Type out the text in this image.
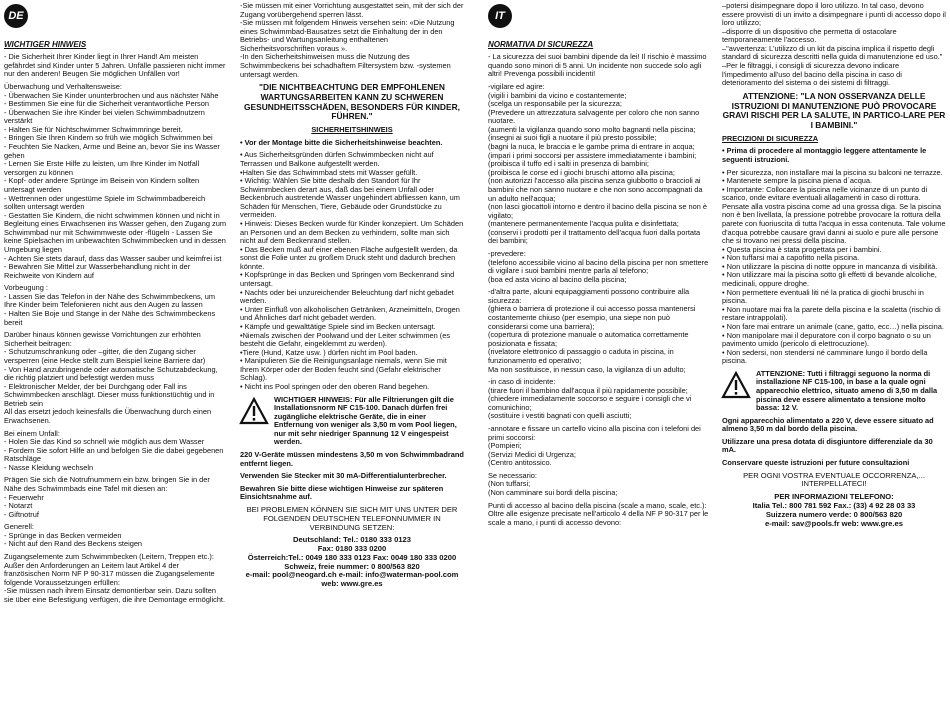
DE	IT

WICHTIGER HINWEIS

- Die Sicherheit Ihrer Kinder liegt in Ihrer Hand! Am meisten gefährdet sind Kinder unter 5 Jahren. Unfälle passieren nicht immer nur den anderen! Beugen Sie möglichen Unfällen vor!

Überwachung und Verhaltensweise:
- Überwachen Sie Kinder ununterbrochen und aus nächster Nähe
- Bestimmen Sie eine für die Sicherheit verantwortliche Person
- Überwachen Sie ihre Kinder bei vielen Schwimmbadnutzern verstärkt
- Halten Sie für Nichtschwimmer Schwimmringe bereit.
- Bringen Sie Ihren Kindern so früh wie möglich Schwimmen bei
- Feuchten Sie Nacken, Arme und Beine an, bevor Sie ins Wasser gehen
- Lernen Sie Erste Hilfe zu leisten, um Ihre Kinder im Notfall versorgen zu können
- Kopf- oder andere Sprünge im Beisein von Kindern sollten untersagt werden
- Wettrennen oder ungestüme Spiele im Schwimmbadbereich sollten untersagt werden
- Gestatten Sie Kindern, die nicht schwimmen können und nicht in Begleitung eines Erwachsenen ins Wasser gehen, den Zugang zum Schwimmbad nur mit Schwimmweste oder -flügeln - Lassen Sie keine Spielsachen im unbewachten Schwimmbecken und in dessen Umgebung liegen
- Achten Sie stets darauf, dass das Wasser sauber und keimfrei ist
- Bewahren Sie Mittel zur Wasserbehandlung nicht in der Reichweite von Kindern auf

Vorbeugung :
- Lassen Sie das Telefon in der Nähe des Schwimmbeckens, um Ihre Kinder beim Telefonieren nicht aus den Augen zu lassen
- Halten Sie Boje und Stange in der Nähe des Schwimmbeckens bereit

Darüber hinaus können gewisse Vorrichtungen zur erhöhten Sicherheit beitragen:
- Schutzumschrankung oder –gitter, die den Zugang sicher versperren (eine Hecke stellt zum Beispiel keine Barriere dar)
- Von Hand anzubringende oder automatische Schutzabdeckung, die richtig platziert und befestigt werden muss
- Elektronischer Melder, der bei Durchgang oder Fall ins Schwimmbecken anschlägt. Dieser muss funktionstüchtig und in Betrieb sein
All das ersetzt jedoch keinesfalls die Überwachung durch einen Erwachsenen.

Bei einem Unfall:
- Holen Sie das Kind so schnell wie möglich aus dem Wasser
- Fordern Sie sofort Hilfe an und befolgen Sie die dabei gegebenen Ratschläge
- Nasse Kleidung wechseln

Prägen Sie sich die Notrufnummern ein bzw. bringen Sie in der Nähe des Schwimmbads eine Tafel mit diesen an:
- Feuerwehr
- Notarzt
- Giftnotruf

Generell:
- Sprünge in das Becken vermeiden
- Nicht auf den Rand des Beckens steigen

Zugangselemente zum Schwimmbecken (Leitern, Treppen etc.):
Außer den Anforderungen an Leitern laut Artikel 4 der französischen Norm NF P 90-317 müssen die Zugangselemente folgende Voraussetzungen erfüllen:
-Sie müssen nach ihrem Einsatz demontierbar sein. Dazu sollten sie über eine Befestigung verfügen, die ihre Demontage ermöglicht.

-Sie müssen mit einer Vorrichtung ausgestattet sein, mit der sich der Zugang vorübergehend sperren lässt.
-Sie müssen mit folgendem Hinweis versehen sein: «Die Nutzung eines Schwimmbad-Bausatzes setzt die Einhaltung der in den Betriebs- und Wartungsanleitung enthaltenen Sicherheitsvorschriften voraus ».
-In den Sicherheitshinweisen muss die Nutzung des Schwimmbeckens bei schadhaftem Filtersystem bzw. -systemen untersagt werden.

"DIE NICHTBEACHTUNG DER EMPFOHLENEN WARTUNGSARBEITEN KANN ZU SCHWEREN GESUNDHEITSSCHÄDEN, BESONDERS FÜR KINDER, FÜHREN."

SICHERHEITSHINWEIS

• Vor der Montage bitte die Sicherheitshinweise beachten.

• Aus Sicherheitsgründen dürfen Schwimmbecken nicht auf Terrassen und Balkone aufgestellt werden.
•Halten Sie das Schwimmbad stets mit Wasser gefüllt.
• Wichtig: Wählen Sie bitte deshalb den Standort für Ihr Schwimmbecken derart aus, daß das bei einem Unfall oder Beckenbruch austretende Wasser ungehindert abfliessen kann, um Schäden für Menschen, Tiere, Gebäude oder Grundstücke zu vermeiden.
• Hinweis: Dieses Becken wurde für Kinder konzepiert. Um Schäden an Personen und an dem Becken zu verhindern, sollte man sich nicht auf dem Beckenrand stellen.
• Das Becken muß auf einer ebenen Fläche aufgestellt werden, da sonst die Folie unter zu großem Druck steht und dadurch brechen könnte.
• Kopfsprünge in das Becken und Springen vom Beckenrand sind untersagt.
• Nachts oder bei unzureichender Beleuchtung darf nicht gebadet werden.
• Unter Einfluß von alkoholischen Getränken, Arzneimitteln, Drogen und Ähnliches darf nicht gebadet werden.
• Kämpfe und gewalttätige Spiele sind im Becken untersagt.
•Niemals zwischen der Poolwand und der Leiter schwimmen (es besteht die Gefahr, eingeklemmt zu werden).
•Tiere (Hund, Katze usw. ) dürfen nicht im Pool baden.
• Manipulieren Sie die Reinigungsanlage niemals, wenn Sie mit Ihrem Körper oder der Boden feucht sind (Gefahr elektrischer Schlag).
• Nicht ins Pool springen oder den oberen Rand begehen.

WICHTIGER HINWEIS: Für alle Filtrierungen gilt die Installationsnorm NF C15-100. Danach dürfen frei zugängliche elektrische Geräte, die in einer Entfernung von weniger als 3,50 m vom Pool liegen, nur mit sehr niedriger Spannung 12 V eingespeist werden.

220 V-Geräte müssen mindestens 3,50 m von Schwimmbadrand entfernt liegen.

Verwenden Sie Stecker mit 30 mA-Differentialunterbrecher.

Bewahren Sie bitte diese wichtigen Hinweise zur späteren Einsichtsnahme auf.

BEI PROBLEMEN KÖNNEN SIE SICH MIT UNS UNTER DER FOLGENDEN DEUTSCHEN TELEFONNUMMER IN VERBINDUNG SETZEN:

Deutschland: Tel.: 0180 333 0123
Fax: 0180 333 0200
Österreich:Tel.: 0049 180 333 0123 Fax: 0049 180 333 0200
Schweiz, freie nummer: 0 800/563 820
e-mail: pool@neogard.ch e-mail: info@waterman-pool.com
web: www.gre.es

NORMATIVA DI SICUREZZA

- La sicurezza dei suoi bambini dipende da lei! Il rischio è massimo quando sono minori di 5 anni. Un incidente non succede solo agli altri! Prevenga possibili incidenti!

-vigilare ed agire:
(vigili i bambini da vicino e costantemente;
(scelga un responsabile per la sicurezza;
(Prevedere un attrezzatura salvagente per coloro che non sanno nuotare.
(aumenti la vigilanza quando sono molto bagnanti nella piscina;
(insegni ai suoi figli a nuotare il più presto possibile;
(bagni la nuca, le braccia e le gambe prima di entrare in acqua;
(impari i primi soccorsi per assistere immediatamente i bambini;
(proibisca il tuffo ed i salti in presenza di bambini;
(proibisca le corse ed i giochi bruschi attorno alla piscina;
(non autorizzi l'accesso alla piscina senza giubbotto o braccioli ai bambini che non sanno nuotare e che non sono accompagnati da un adulto nell'acqua;
(non lasci giocattoli intorno e dentro il bacino della piscina se non è vigilato;
(mantenere permanentemente l'acqua pulita e disinfettata;
(conservi i prodotti per il trattamento dell'acqua fuori dalla portata dei bambini;

-prevedere:
(telefono accessibile vicino al bacino della piscina per non smettere di vigilare i suoi bambini mentre parla al telefono;
(boa ed asta vicino al bacino della piscina;

-d'altra parte, alcuni equipaggiamenti possono contribuire alla sicurezza:
(ghiera o barriera di protezione il cui accesso possa mantenersi costantemente chiuso (per esempio, una siepe non può considerarsi come una barriera);
(copertura di protezione manuale o automatica correttamente posizionata e fissata;
(rivelatore elettronico di passaggio o caduta in piscina, in funzionamento ed operativo;
Ma non sostituisce, in nessun caso, la vigilanza di un adulto;

-in caso di incidente:
(tirare fuori il bambino dall'acqua il più rapidamente possibile;
(chiedere immediatamente soccorso e seguire i consigli che vi comunichino;
(sostituire i vestiti bagnati con quelli asciutti;

-annotare e fissare un cartello vicino alla piscina con i telefoni dei primi soccorsi:
(Pompieri;
(Servizi Medici di Urgenza;
(Centro antitossico.

Se necessario:
(Non tuffarsi;
(Non camminare sui bordi della piscina;

Punti di accesso al bacino della piscina (scale a mano, scale, etc.):
Oltre alle esigenze precisate nell'articolo 4 della NF P 90-317 per le scale a mano, i punti di accesso devono:

–potersi disimpegnare dopo il loro utilizzo. In tal caso, devono essere provvisti di un invito a disimpegnare i punti di accesso dopo il loro utilizzo;
–disporre di un dispositivo che permetta di ostacolare temporaneamente l'accesso.
–"avvertenza: L'utilizzo di un kit da piscina implica il rispetto degli standard di sicurezza descritti nella guida di manutenzione ed uso."
–Per le filtraggi, i consigli di sicurezza devono indicare l'impedimento all'uso del bacino della piscina in caso di deterioramento del sistema o dei sistemi di filtraggi.

ATTENZIONE: "LA NON OSSERVANZA DELLE ISTRUZIONI DI MANUTENZIONE PUÒ PROVOCARE GRAVI RISCHI PER LA SALUTE, IN PARTICO-LARE PER I BAMBINI."

PRECIZIONI DI SICUREZZA

• Prima di procedere al montaggio leggere attentamente le seguenti istruzioni.

• Per sicurezza, non installare mai la piscina su balconi ne terrazze.
• Mantenete sempre la piscina piena d´acqua.
• Importante: Collocare la piscina nelle vicinanze di un punto di scarico, onde evitare eventuali allagamenti in caso di rottura. Pensate alla vostra piscina come ad una grossa diga. Se la piscina non è ben livellata, la pressione potrebbe provocare la rottura della parete con fuoriuscita di tutta l'acqua in essa contenuta. Tale volume d'acqua potrebbe causare gravi danni ai suolo e pure alle persone che si trovano nei pressi della piscina.
• Questa piscina è stata progettata per i bambini.
• Non tuffarsi mai a capofitto nella piscina.
• Non utilizzare la piscina di notte oppure in mancanza di visibilità.
• Non utilizzare mai la piscina sotto gli effetti di bevande alcoliche, medicinali, oppure droghe.
• Non permettere eventuali liti né la pratica di giochi bruschi in piscina.
• Non nuotare mai fra la parete della piscina e la scaletta (rischio di restare intrappolati).
• Non fare mai entrare un animale (cane, gatto, ecc…) nella piscina.
• Non manipolare mai il depuratore con il corpo bagnato o su un pavimento umido (pericolo di elettrocuzione).
• Non sedersi, non stendersi né camminare lungo il bordo della piscina.

ATTENZIONE: Tutti i filtraggi seguono la norma di installazione NF C15-100, in base a la quale ogni apparecchio elettrico, situato ameno di 3,50 m dalla piscina deve essere alimentato a tensione molto bassa: 12 V.

Ogni apparecchio alimentato a 220 V, deve essere situato ad almeno 3,50 m dal bordo della piscina.

Utilizzare una presa dotata di disgiuntore differenziale da 30 mA.

Conservare queste istruzioni per future consultazioni

PER OGNI VOSTRA EVENTUALE OCCORRENZA,... INTERPELLATECI!

PER INFORMAZIONI TELEFONO:
Italia Tel.: 800 781 592 Fax.: (33) 4 92 28 03 33
Suizzera numero verde: 0 800/563 820
e-mail: sav@pools.fr web: www.gre.es
